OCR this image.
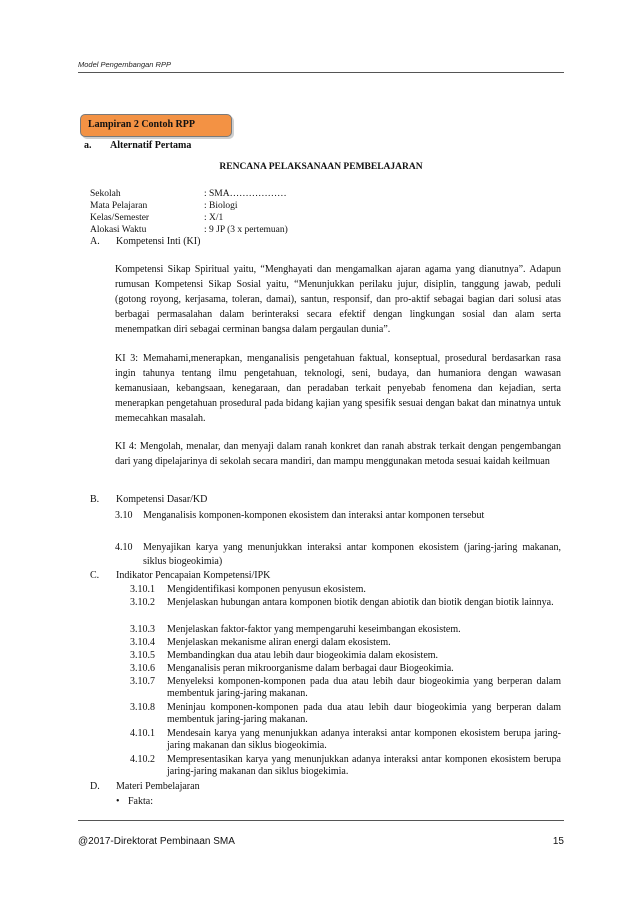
Model Pengembangan RPP
Lampiran 2 Contoh RPP
a. Alternatif Pertama
RENCANA PELAKSANAAN PEMBELAJARAN
Sekolah	: SMA………………
Mata Pelajaran	: Biologi
Kelas/Semester	: X/1
Alokasi Waktu	: 9 JP (3 x pertemuan)
A. Kompetensi Inti (KI)

Kompetensi Sikap Spiritual yaitu, “Menghayati dan mengamalkan ajaran agama yang dianutnya”. Adapun rumusan Kompetensi Sikap Sosial yaitu, “Menunjukkan perilaku jujur, disiplin, tanggung jawab, peduli (gotong royong, kerjasama, toleran, damai), santun, responsif, dan pro-aktif sebagai bagian dari solusi atas berbagai permasalahan dalam berinteraksi secara efektif dengan lingkungan sosial dan alam serta menempatkan diri sebagai cerminan bangsa dalam pergaulan dunia”.

KI 3: Memahami,menerapkan, menganalisis pengetahuan faktual, konseptual, prosedural berdasarkan rasa ingin tahunya tentang ilmu pengetahuan, teknologi, seni, budaya, dan humaniora dengan wawasan kemanusiaan, kebangsaan, kenegaraan, dan peradaban terkait penyebab fenomena dan kejadian, serta menerapkan pengetahuan prosedural pada bidang kajian yang spesifik sesuai dengan bakat dan minatnya untuk memecahkan masalah.

KI 4: Mengolah, menalar, dan menyaji dalam ranah konkret dan ranah abstrak terkait dengan pengembangan dari yang dipelajarinya di sekolah secara mandiri, dan mampu menggunakan metoda sesuai kaidah keilmuan

B. Kompetensi Dasar/KD
3.10 Menganalisis komponen-komponen ekosistem dan interaksi antar komponen tersebut
4.10 Menyajikan karya yang menunjukkan interaksi antar komponen ekosistem (jaring-jaring makanan, siklus biogeokimia)
C. Indikator Pencapaian Kompetensi/IPK
3.10.1 Mengidentifikasi komponen penyusun ekosistem.
3.10.2 Menjelaskan hubungan antara komponen biotik dengan abiotik dan biotik dengan biotik lainnya.
3.10.3 Menjelaskan faktor-faktor yang mempengaruhi keseimbangan ekosistem.
3.10.4 Menjelaskan mekanisme aliran energi dalam ekosistem.
3.10.5 Membandingkan dua atau lebih daur biogeokimia dalam ekosistem.
3.10.6 Menganalisis peran mikroorganisme dalam berbagai daur Biogeokimia.
3.10.7 Menyeleksi komponen-komponen pada dua atau lebih daur biogeokimia yang berperan dalam membentuk jaring-jaring makanan.
3.10.8 Meninjau komponen-komponen pada dua atau lebih daur biogeokimia yang berperan dalam membentuk jaring-jaring makanan.
4.10.1 Mendesain karya yang menunjukkan adanya interaksi antar komponen ekosistem berupa jaring-jaring makanan dan siklus biogeokimia.
4.10.2 Mempresentasikan karya yang menunjukkan adanya interaksi antar komponen ekosistem berupa jaring-jaring makanan dan siklus biogekimia.
D. Materi Pembelajaran
• Fakta:
@2017-Direktorat Pembinaan SMA	15
